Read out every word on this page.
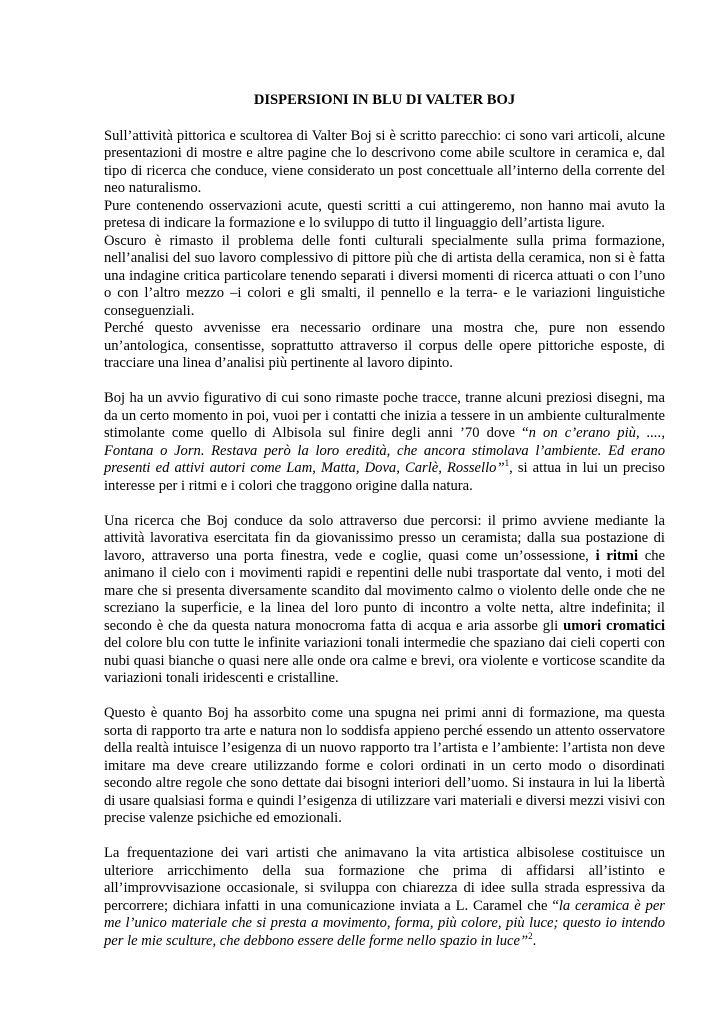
DISPERSIONI IN BLU DI VALTER BOJ

Sull’attività pittorica e scultorea di Valter Boj si è scritto parecchio: ci sono vari articoli, alcune presentazioni di mostre e altre pagine che lo descrivono come abile scultore in ceramica e, dal tipo di ricerca che conduce, viene considerato un post concettuale all’interno della corrente del neo naturalismo.

Pure contenendo osservazioni acute, questi scritti a cui attingeremo, non hanno mai avuto la pretesa di indicare la formazione e lo sviluppo di tutto il linguaggio dell’artista ligure.

Oscuro è rimasto il problema delle fonti culturali specialmente sulla prima formazione, nell’analisi del suo lavoro complessivo di pittore più che di artista della ceramica, non si è fatta una indagine critica particolare tenendo separati i diversi momenti di ricerca attuati o con l’uno o con l’altro mezzo –i colori e gli smalti, il pennello e la terra- e le variazioni linguistiche conseguenziali.

Perché questo avvenisse era necessario ordinare una mostra che, pure non essendo un’antologica, consentisse, soprattutto attraverso il corpus delle opere pittoriche esposte, di tracciare una linea d’analisi più pertinente al lavoro dipinto.

Boj ha un avvio figurativo di cui sono rimaste poche tracce, tranne alcuni preziosi disegni, ma da un certo momento in poi, vuoi per i contatti che inizia a tessere in un ambiente culturalmente stimolante come quello di Albisola sul finire degli anni ’70 dove “n on c’erano più, ...., Fontana o Jorn. Restava però la loro eredità, che ancora stimolava l’ambiente. Ed erano presenti ed attivi autori come Lam, Matta, Dova, Carlè, Rossello”$^1$, si attua in lui un preciso interesse per i ritmi e i colori che traggono origine dalla natura.

Una ricerca che Boj conduce da solo attraverso due percorsi: il primo avviene mediante la attività lavorativa esercitata fin da giovanissimo presso un ceramista; dalla sua postazione di lavoro, attraverso una porta finestra, vede e coglie, quasi come un’ossessione, i ritmi che animano il cielo con i movimenti rapidi e repentini delle nubi trasportate dal vento, i moti del mare che si presenta diversamente scandito dal movimento calmo o violento delle onde che ne screziano la superficie, e la linea del loro punto di incontro a volte netta, altre indefinita; il secondo è che da questa natura monocroma fatta di acqua e aria assorbe gli umori cromatici del colore blu con tutte le infinite variazioni tonali intermedie che spaziano dai cieli coperti con nubi quasi bianche o quasi nere alle onde ora calme e brevi, ora violente e vorticose scandite da variazioni tonali iridescenti e cristalline.

Questo è quanto Boj ha assorbito come una spugna nei primi anni di formazione, ma questa sorta di rapporto tra arte e natura non lo soddisfa appieno perché essendo un attento osservatore della realtà intuisce l’esigenza di un nuovo rapporto tra l’artista e l’ambiente: l’artista non deve imitare ma deve creare utilizzando forme e colori ordinati in un certo modo o disordinati secondo altre regole che sono dettate dai bisogni interiori dell’uomo. Si instaura in lui la libertà di usare qualsiasi forma e quindi l’esigenza di utilizzare vari materiali e diversi mezzi visivi con precise valenze psichiche ed emozionali.

La frequentazione dei vari artisti che animavano la vita artistica albisolese costituisce un ulteriore arricchimento della sua formazione che prima di affidarsi all’istinto e all’improvvisazione occasionale, si sviluppa con chiarezza di idee sulla strada espressiva da percorrere; dichiara infatti in una comunicazione inviata a L. Caramel che “la ceramica è per me l’unico materiale che si presta a movimento, forma, più colore, più luce; questo io intendo per le mie sculture, che debbono essere delle forme nello spazio in luce”$^2$.
